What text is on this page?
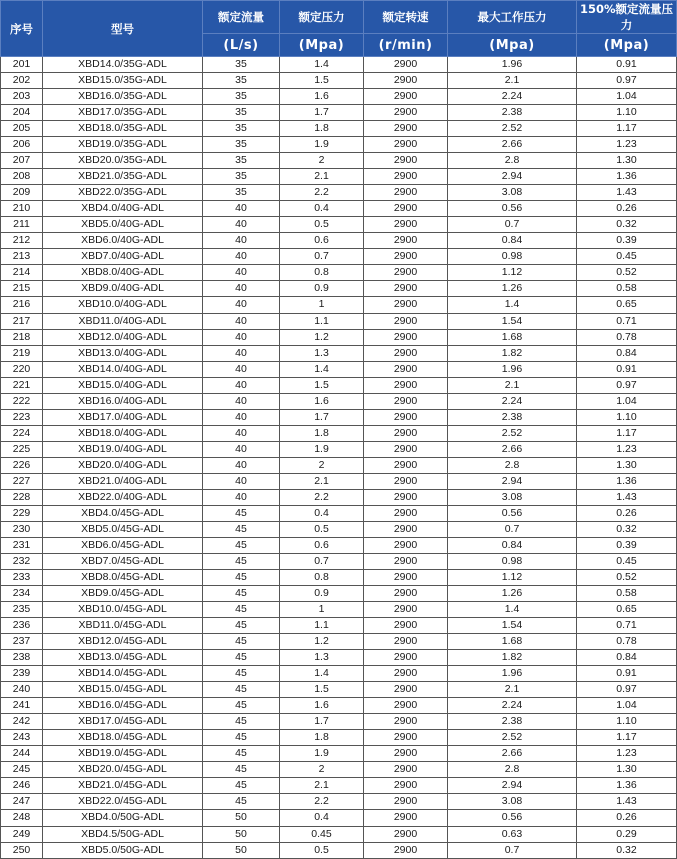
序号	型号	额定流量	额定压力	额定转速	最大工作压力	150%额定流量压力
		(L/s)	(Mpa)	(r/min)	(Mpa)	(Mpa)
201	XBD14.0/35G-ADL	35	1.4	2900	1.96	0.91
202	XBD15.0/35G-ADL	35	1.5	2900	2.1	0.97
203	XBD16.0/35G-ADL	35	1.6	2900	2.24	1.04
204	XBD17.0/35G-ADL	35	1.7	2900	2.38	1.10
205	XBD18.0/35G-ADL	35	1.8	2900	2.52	1.17
206	XBD19.0/35G-ADL	35	1.9	2900	2.66	1.23
207	XBD20.0/35G-ADL	35	2	2900	2.8	1.30
208	XBD21.0/35G-ADL	35	2.1	2900	2.94	1.36
209	XBD22.0/35G-ADL	35	2.2	2900	3.08	1.43
210	XBD4.0/40G-ADL	40	0.4	2900	0.56	0.26
211	XBD5.0/40G-ADL	40	0.5	2900	0.7	0.32
212	XBD6.0/40G-ADL	40	0.6	2900	0.84	0.39
213	XBD7.0/40G-ADL	40	0.7	2900	0.98	0.45
214	XBD8.0/40G-ADL	40	0.8	2900	1.12	0.52
215	XBD9.0/40G-ADL	40	0.9	2900	1.26	0.58
216	XBD10.0/40G-ADL	40	1	2900	1.4	0.65
217	XBD11.0/40G-ADL	40	1.1	2900	1.54	0.71
218	XBD12.0/40G-ADL	40	1.2	2900	1.68	0.78
219	XBD13.0/40G-ADL	40	1.3	2900	1.82	0.84
220	XBD14.0/40G-ADL	40	1.4	2900	1.96	0.91
221	XBD15.0/40G-ADL	40	1.5	2900	2.1	0.97
222	XBD16.0/40G-ADL	40	1.6	2900	2.24	1.04
223	XBD17.0/40G-ADL	40	1.7	2900	2.38	1.10
224	XBD18.0/40G-ADL	40	1.8	2900	2.52	1.17
225	XBD19.0/40G-ADL	40	1.9	2900	2.66	1.23
226	XBD20.0/40G-ADL	40	2	2900	2.8	1.30
227	XBD21.0/40G-ADL	40	2.1	2900	2.94	1.36
228	XBD22.0/40G-ADL	40	2.2	2900	3.08	1.43
229	XBD4.0/45G-ADL	45	0.4	2900	0.56	0.26
230	XBD5.0/45G-ADL	45	0.5	2900	0.7	0.32
231	XBD6.0/45G-ADL	45	0.6	2900	0.84	0.39
232	XBD7.0/45G-ADL	45	0.7	2900	0.98	0.45
233	XBD8.0/45G-ADL	45	0.8	2900	1.12	0.52
234	XBD9.0/45G-ADL	45	0.9	2900	1.26	0.58
235	XBD10.0/45G-ADL	45	1	2900	1.4	0.65
236	XBD11.0/45G-ADL	45	1.1	2900	1.54	0.71
237	XBD12.0/45G-ADL	45	1.2	2900	1.68	0.78
238	XBD13.0/45G-ADL	45	1.3	2900	1.82	0.84
239	XBD14.0/45G-ADL	45	1.4	2900	1.96	0.91
240	XBD15.0/45G-ADL	45	1.5	2900	2.1	0.97
241	XBD16.0/45G-ADL	45	1.6	2900	2.24	1.04
242	XBD17.0/45G-ADL	45	1.7	2900	2.38	1.10
243	XBD18.0/45G-ADL	45	1.8	2900	2.52	1.17
244	XBD19.0/45G-ADL	45	1.9	2900	2.66	1.23
245	XBD20.0/45G-ADL	45	2	2900	2.8	1.30
246	XBD21.0/45G-ADL	45	2.1	2900	2.94	1.36
247	XBD22.0/45G-ADL	45	2.2	2900	3.08	1.43
248	XBD4.0/50G-ADL	50	0.4	2900	0.56	0.26
249	XBD4.5/50G-ADL	50	0.45	2900	0.63	0.29
250	XBD5.0/50G-ADL	50	0.5	2900	0.7	0.32
